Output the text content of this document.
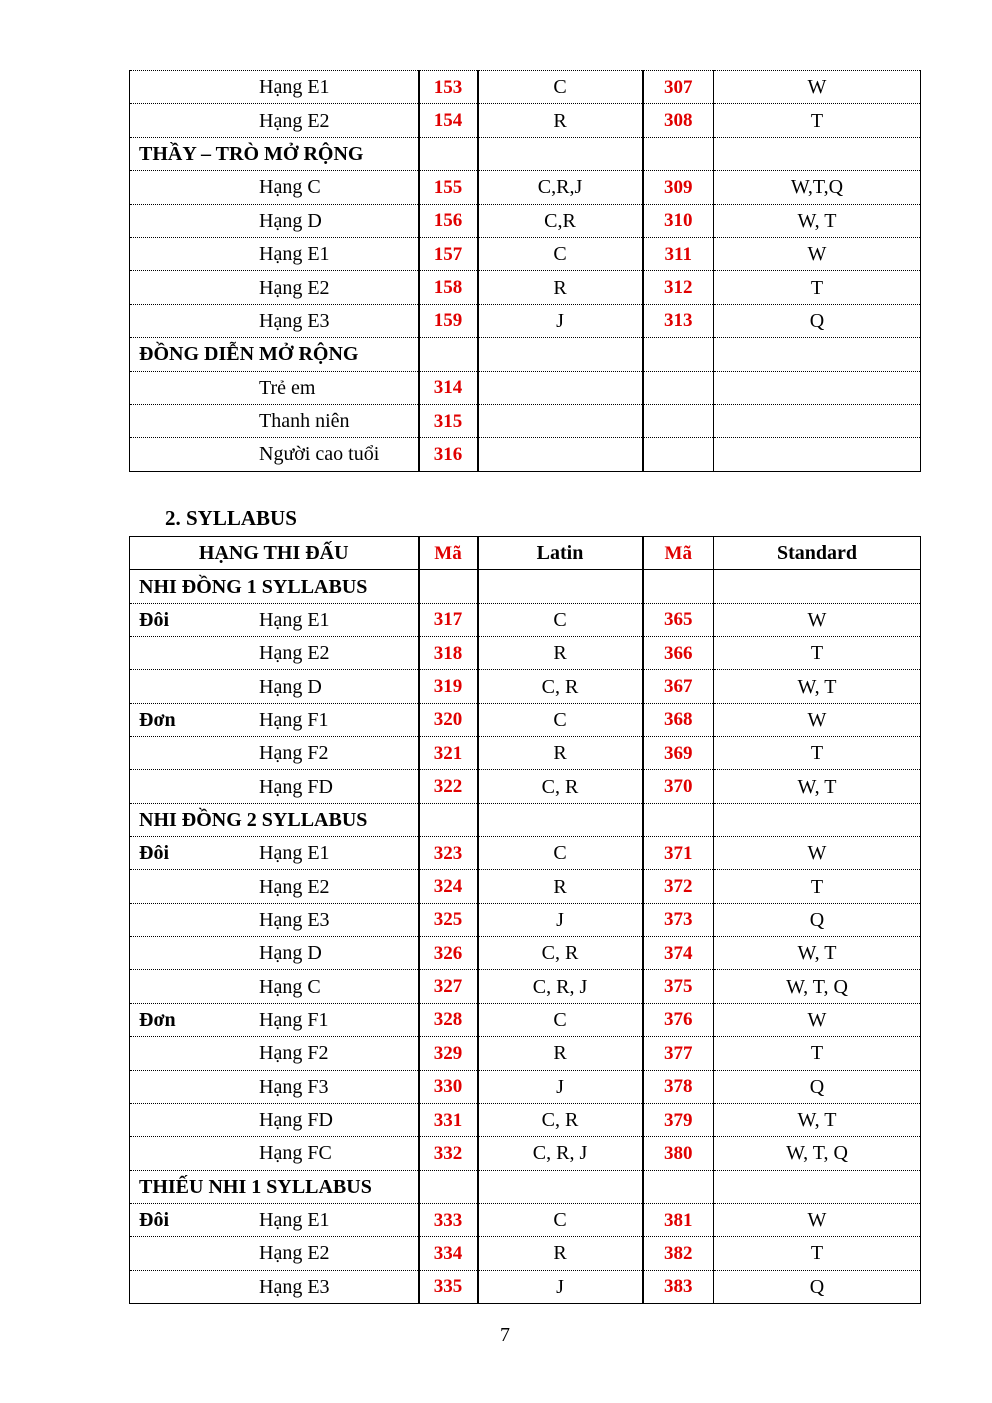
Hạng E1	153	C	307	W
Hạng E2	154	R	308	T
THẦY – TRÒ MỞ RỘNG				
Hạng C	155	C,R,J	309	W,T,Q
Hạng D	156	C,R	310	W, T
Hạng E1	157	C	311	W
Hạng E2	158	R	312	T
Hạng E3	159	J	313	Q
ĐỒNG DIỄN MỞ RỘNG				
Trẻ em	314			
Thanh niên	315			
Người cao tuổi	316			
2. SYLLABUS
HẠNG THI ĐẤU	Mã	Latin	Mã	Standard
NHI ĐỒNG 1 SYLLABUS				
Đôi Hạng E1	317	C	365	W
Hạng E2	318	R	366	T
Hạng D	319	C, R	367	W, T
Đơn Hạng F1	320	C	368	W
Hạng F2	321	R	369	T
Hạng FD	322	C, R	370	W, T
NHI ĐỒNG 2 SYLLABUS				
Đôi Hạng E1	323	C	371	W
Hạng E2	324	R	372	T
Hạng E3	325	J	373	Q
Hạng D	326	C, R	374	W, T
Hạng C	327	C, R, J	375	W, T, Q
Đơn Hạng F1	328	C	376	W
Hạng F2	329	R	377	T
Hạng F3	330	J	378	Q
Hạng FD	331	C, R	379	W, T
Hạng FC	332	C, R, J	380	W, T, Q
THIẾU NHI 1 SYLLABUS				
Đôi Hạng E1	333	C	381	W
Hạng E2	334	R	382	T
Hạng E3	335	J	383	Q
7
